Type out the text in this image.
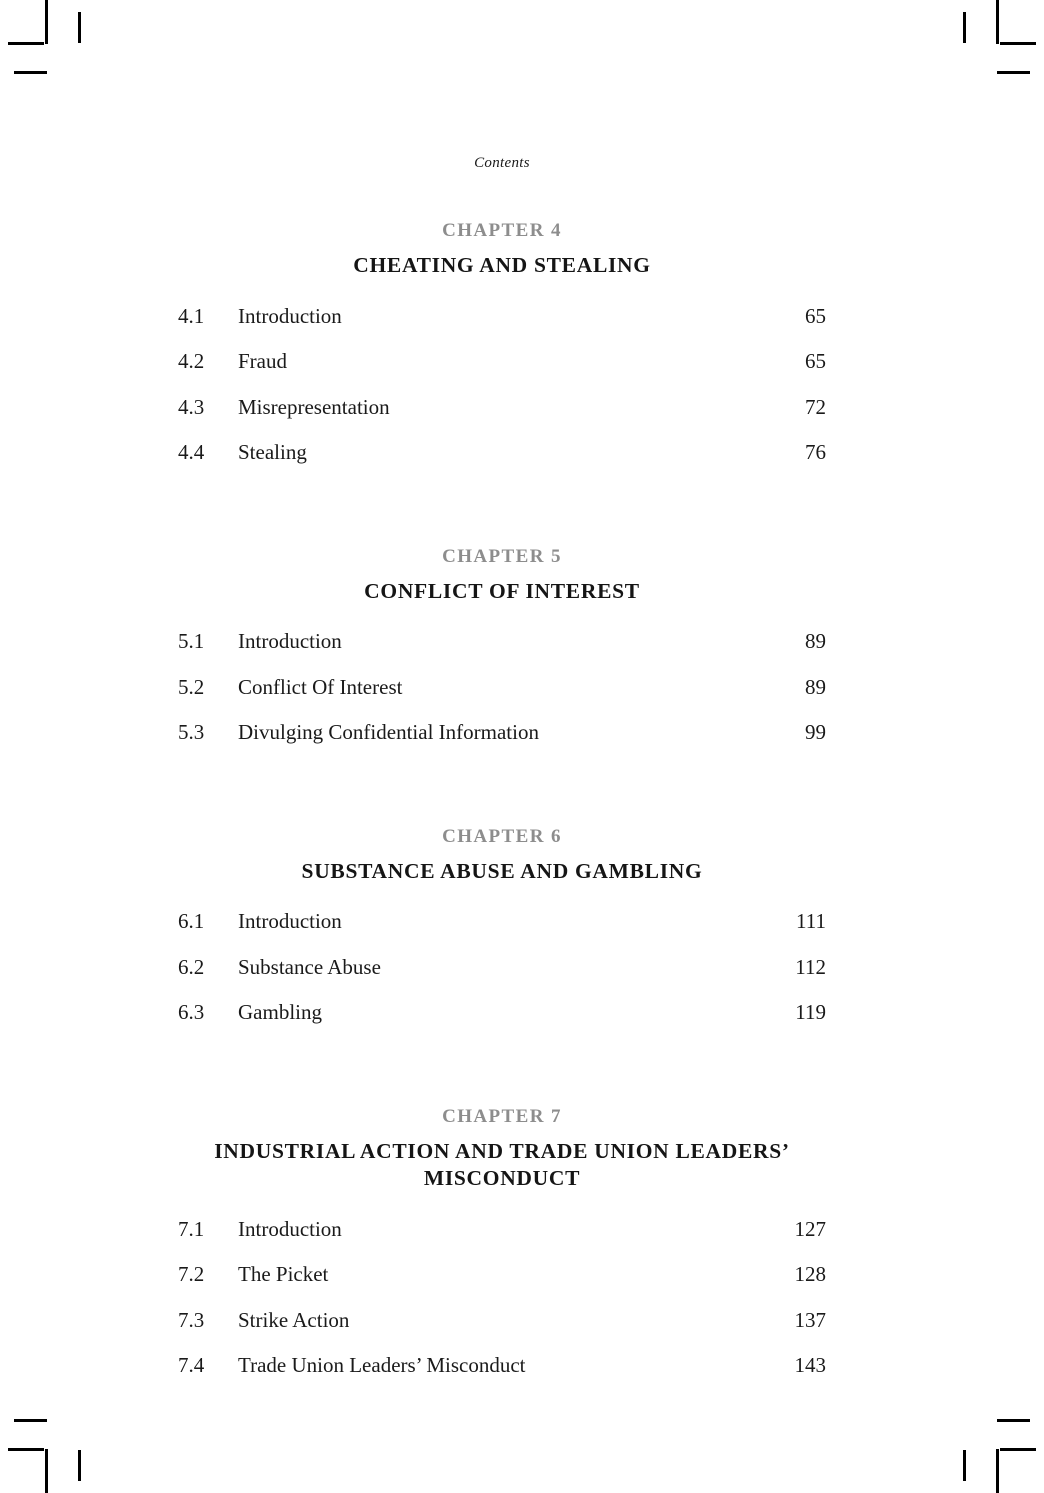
Contents
CHAPTER 4
CHEATING AND STEALING
4.1	Introduction	65
4.2	Fraud	65
4.3	Misrepresentation	72
4.4	Stealing	76
CHAPTER 5
CONFLICT OF INTEREST
5.1	Introduction	89
5.2	Conflict Of Interest	89
5.3	Divulging Confidential Information	99
CHAPTER 6
SUBSTANCE ABUSE AND GAMBLING
6.1	Introduction	111
6.2	Substance Abuse	112
6.3	Gambling	119
CHAPTER 7
INDUSTRIAL ACTION AND TRADE UNION LEADERS’ MISCONDUCT
7.1	Introduction	127
7.2	The Picket	128
7.3	Strike Action	137
7.4	Trade Union Leaders’ Misconduct	143
